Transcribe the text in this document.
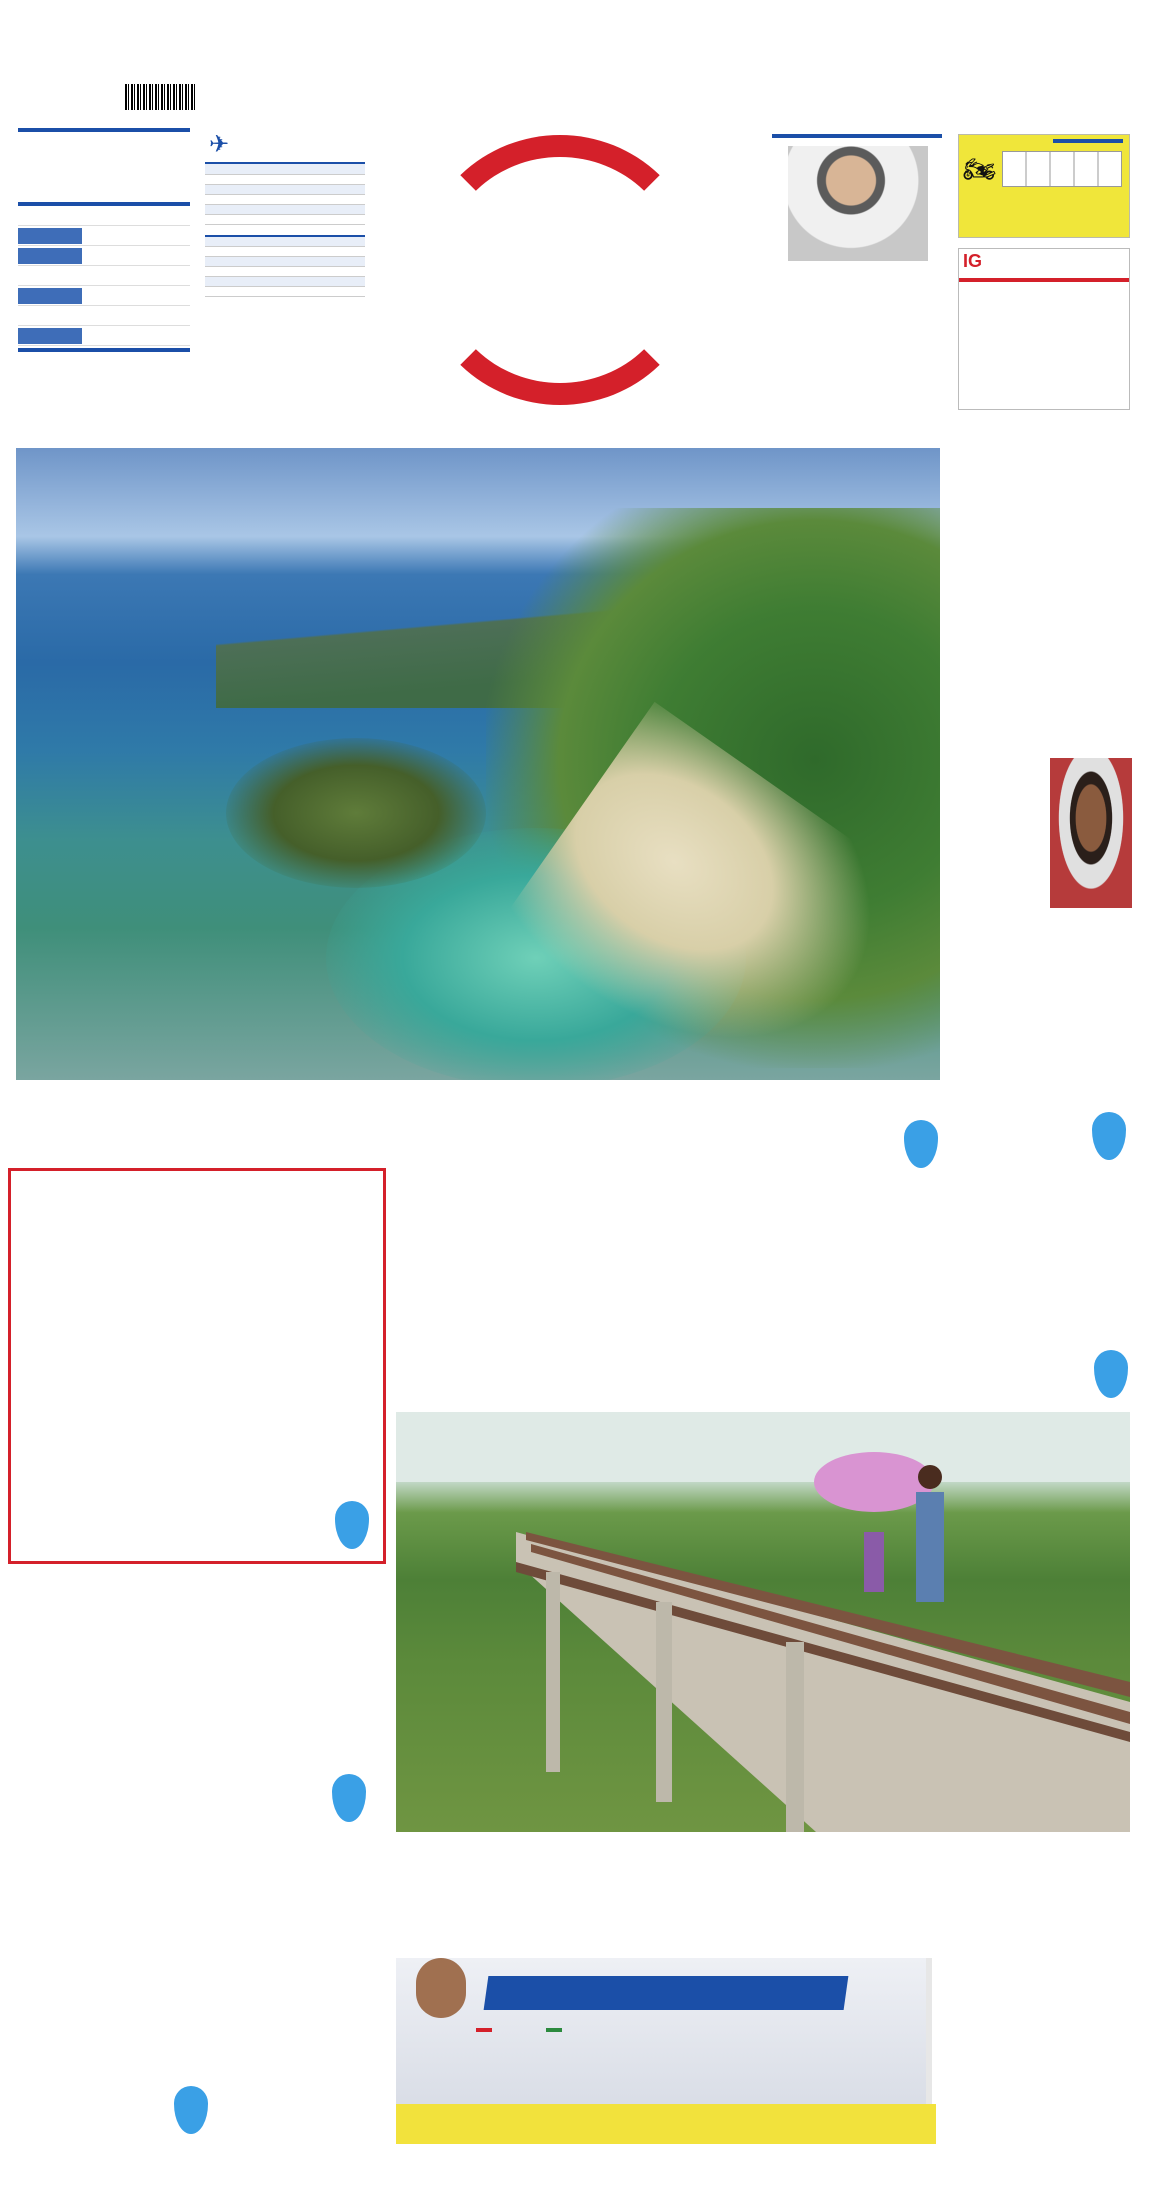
✈

🏍
IG
